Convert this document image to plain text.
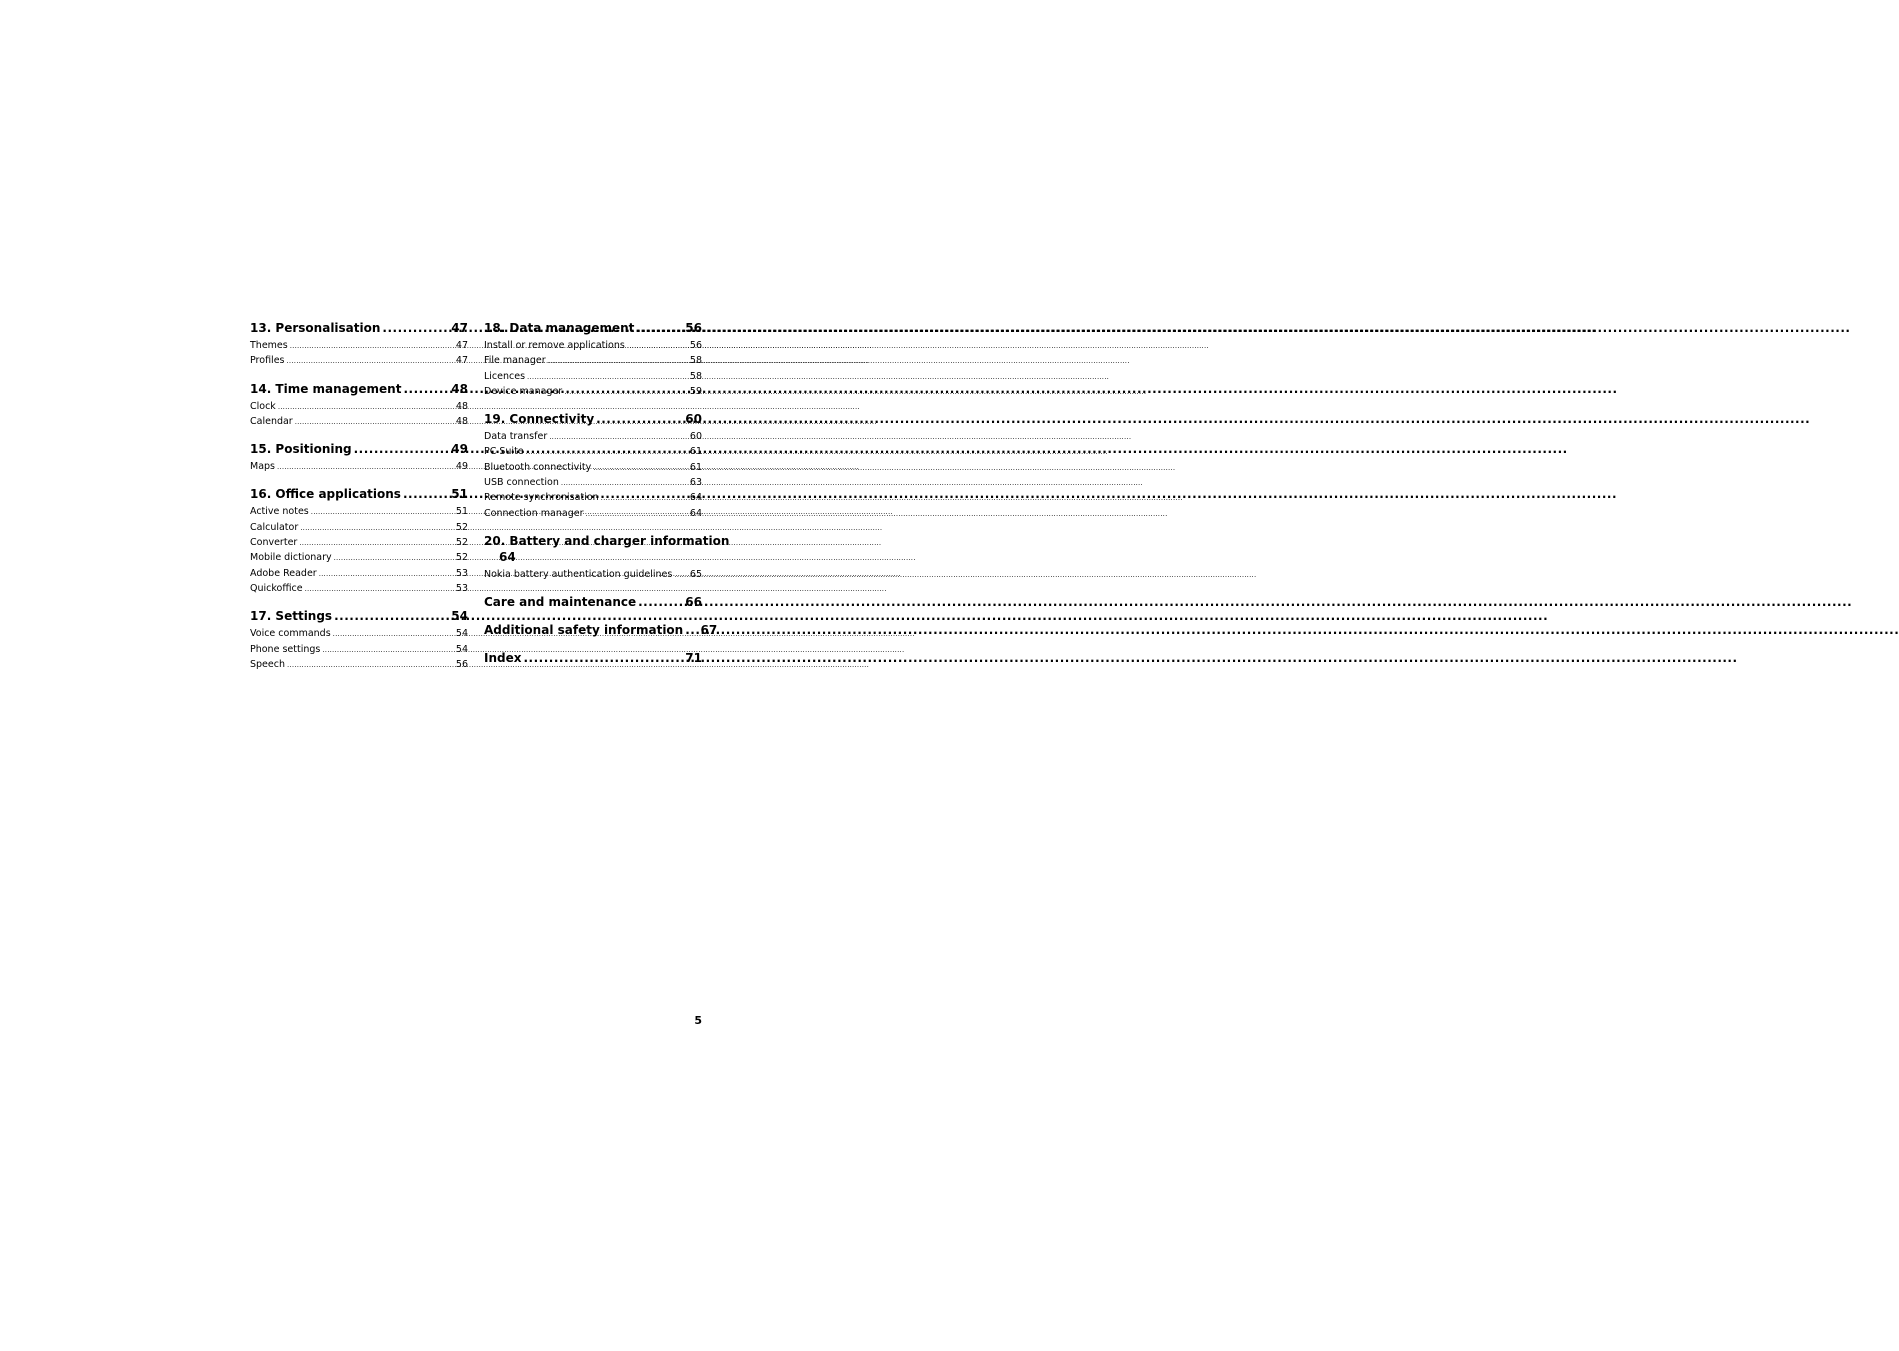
13. Personalisation .....	47
Themes .....	47
Profiles .....	47
14. Time management .....	48
Clock .....	48
Calendar .....	48
15. Positioning .....	49
Maps .....	49
16. Office applications .....	51
Active notes .....	51
Calculator .....	52
Converter .....	52
Mobile dictionary .....	52
Adobe Reader .....	53
Quickoffice .....	53
17. Settings .....	54
Voice commands .....	54
Phone settings .....	54
Speech .....	56
18. Data management .....	56
Install or remove applications .....	56
File manager .....	58
Licences .....	58
Device manager .....	59
19. Connectivity .....	60
Data transfer .....	60
PC Suite .....	61
Bluetooth connectivity .....	61
USB connection .....	63
Remote synchronisation .....	64
Connection manager .....	64
20. Battery and charger information
64
Nokia battery authentication guidelines ..... 65
Care and maintenance .....	66
Additional safety information .....	67
Index .....	71
5
